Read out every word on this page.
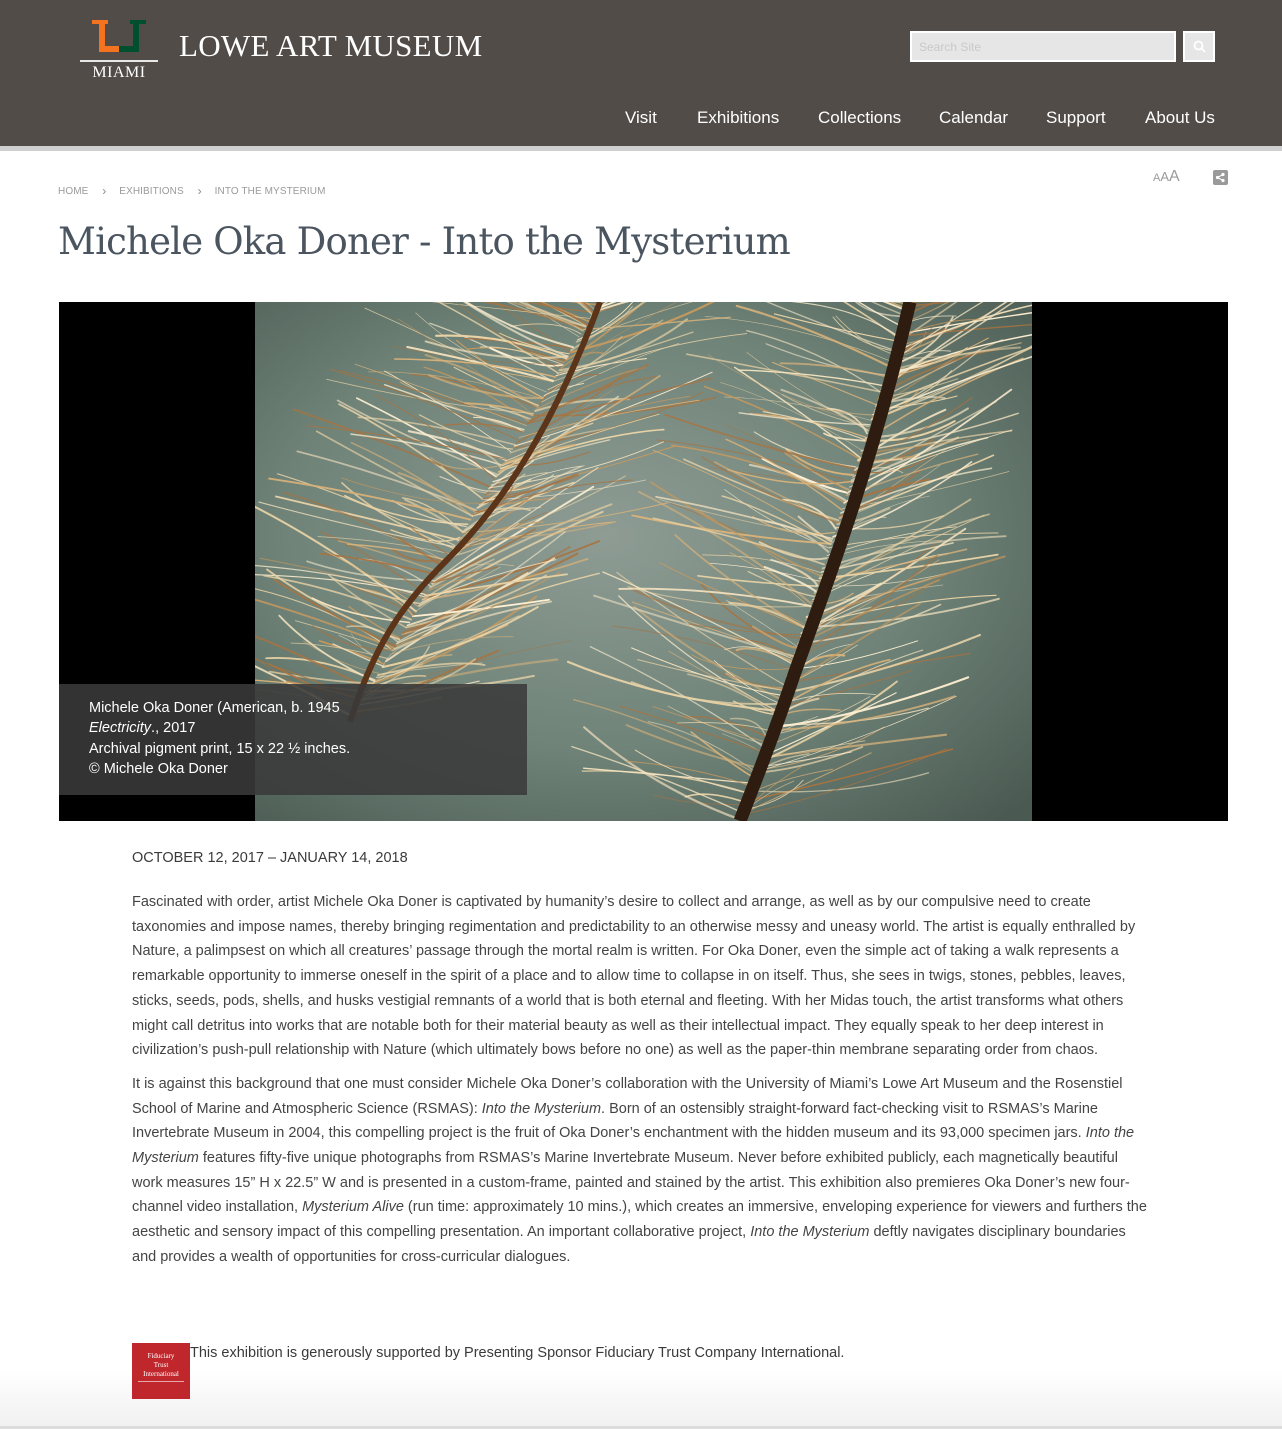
MIAMI
LOWE ART MUSEUM
Search Site
Visit Exhibitions Collections Calendar Support About Us
HOME › EXHIBITIONS › INTO THE MYSTERIUM
AAA
Michele Oka Doner - Into the Mysterium
Michele Oka Doner (American, b. 1945
Electricity., 2017
Archival pigment print, 15 x 22 ½ inches.
© Michele Oka Doner
OCTOBER 12, 2017 – JANUARY 14, 2018

Fascinated with order, artist Michele Oka Doner is captivated by humanity’s desire to collect and arrange, as well as by our compulsive need to create taxonomies and impose names, thereby bringing regimentation and predictability to an otherwise messy and uneasy world. The artist is equally enthralled by Nature, a palimpsest on which all creatures’ passage through the mortal realm is written. For Oka Doner, even the simple act of taking a walk represents a remarkable opportunity to immerse oneself in the spirit of a place and to allow time to collapse in on itself. Thus, she sees in twigs, stones, pebbles, leaves, sticks, seeds, pods, shells, and husks vestigial remnants of a world that is both eternal and fleeting. With her Midas touch, the artist transforms what others might call detritus into works that are notable both for their material beauty as well as their intellectual impact. They equally speak to her deep interest in civilization’s push-pull relationship with Nature (which ultimately bows before no one) as well as the paper-thin membrane separating order from chaos.

It is against this background that one must consider Michele Oka Doner’s collaboration with the University of Miami’s Lowe Art Museum and the Rosenstiel School of Marine and Atmospheric Science (RSMAS): Into the Mysterium. Born of an ostensibly straight-forward fact-checking visit to RSMAS’s Marine Invertebrate Museum in 2004, this compelling project is the fruit of Oka Doner’s enchantment with the hidden museum and its 93,000 specimen jars. Into the Mysterium features fifty-five unique photographs from RSMAS’s Marine Invertebrate Museum. Never before exhibited publicly, each magnetically beautiful work measures 15” H x 22.5” W and is presented in a custom-frame, painted and stained by the artist. This exhibition also premieres Oka Doner’s new four-channel video installation, Mysterium Alive (run time: approximately 10 mins.), which creates an immersive, enveloping experience for viewers and furthers the aesthetic and sensory impact of this compelling presentation. An important collaborative project, Into the Mysterium deftly navigates disciplinary boundaries and provides a wealth of opportunities for cross-curricular dialogues.

Fiduciary
Trust
International
This exhibition is generously supported by Presenting Sponsor Fiduciary Trust Company International.
